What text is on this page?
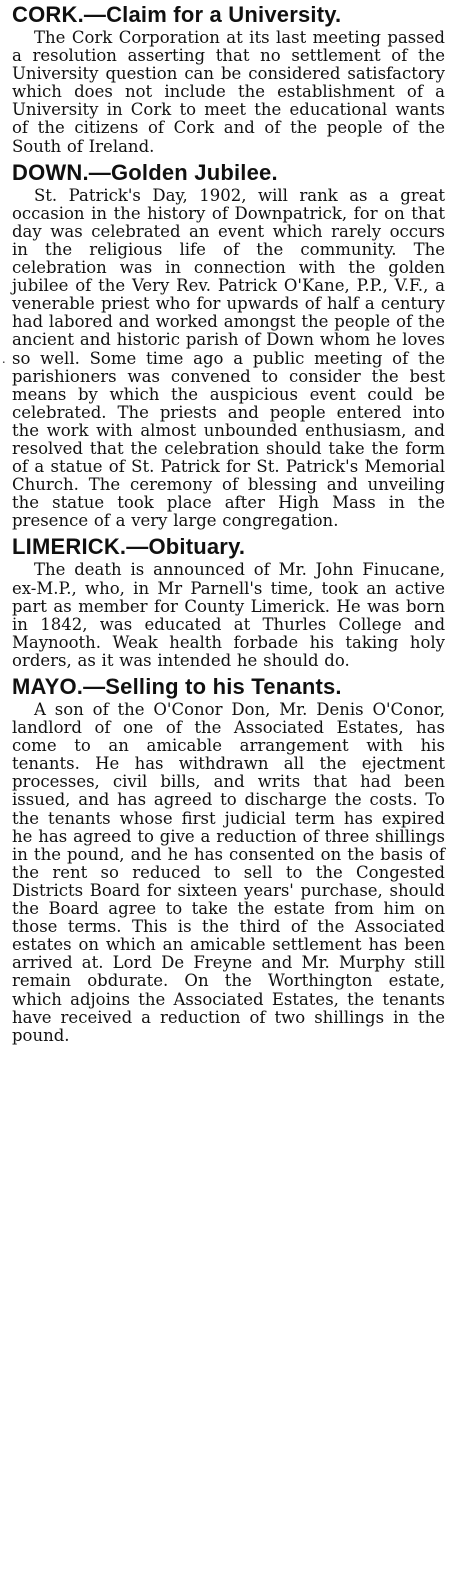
CORK.—Claim for a University.

The Cork Corporation at its last meeting passed a resolution asserting that no settlement of the University question can be considered satisfactory which does not include the establishment of a University in Cork to meet the educational wants of the citizens of Cork and of the people of the South of Ireland.

DOWN.—Golden Jubilee.

St. Patrick's Day, 1902, will rank as a great occasion in the history of Downpatrick, for on that day was celebrated an event which rarely occurs in the religious life of the community. The celebration was in connection with the golden jubilee of the Very Rev. Patrick O'Kane, P.P., V.F., a venerable priest who for upwards of half a century had labored and worked amongst the people of the ancient and historic parish of Down whom he loves so well. Some time ago a public meeting of the parishioners was convened to consider the best means by which the auspicious event could be celebrated. The priests and people entered into the work with almost unbounded enthusiasm, and resolved that the celebration should take the form of a statue of St. Patrick for St. Patrick's Memorial Church. The ceremony of blessing and unveiling the statue took place after High Mass in the presence of a very large congregation.

LIMERICK.—Obituary.

The death is announced of Mr. John Finucane, ex-M.P., who, in Mr Parnell's time, took an active part as member for County Limerick. He was born in 1842, was educated at Thurles College and Maynooth. Weak health forbade his taking holy orders, as it was intended he should do.

MAYO.—Selling to his Tenants.

A son of the O'Conor Don, Mr. Denis O'Conor, landlord of one of the Associated Estates, has come to an amicable arrangement with his tenants. He has withdrawn all the ejectment processes, civil bills, and writs that had been issued, and has agreed to discharge the costs. To the tenants whose first judicial term has expired he has agreed to give a reduction of three shillings in the pound, and he has consented on the basis of the rent so reduced to sell to the Congested Districts Board for sixteen years' purchase, should the Board agree to take the estate from him on those terms. This is the third of the Associated estates on which an amicable settlement has been arrived at. Lord De Freyne and Mr. Murphy still remain obdurate. On the Worthington estate, which adjoins the Associated Estates, the tenants have received a reduction of two shillings in the pound.

.
